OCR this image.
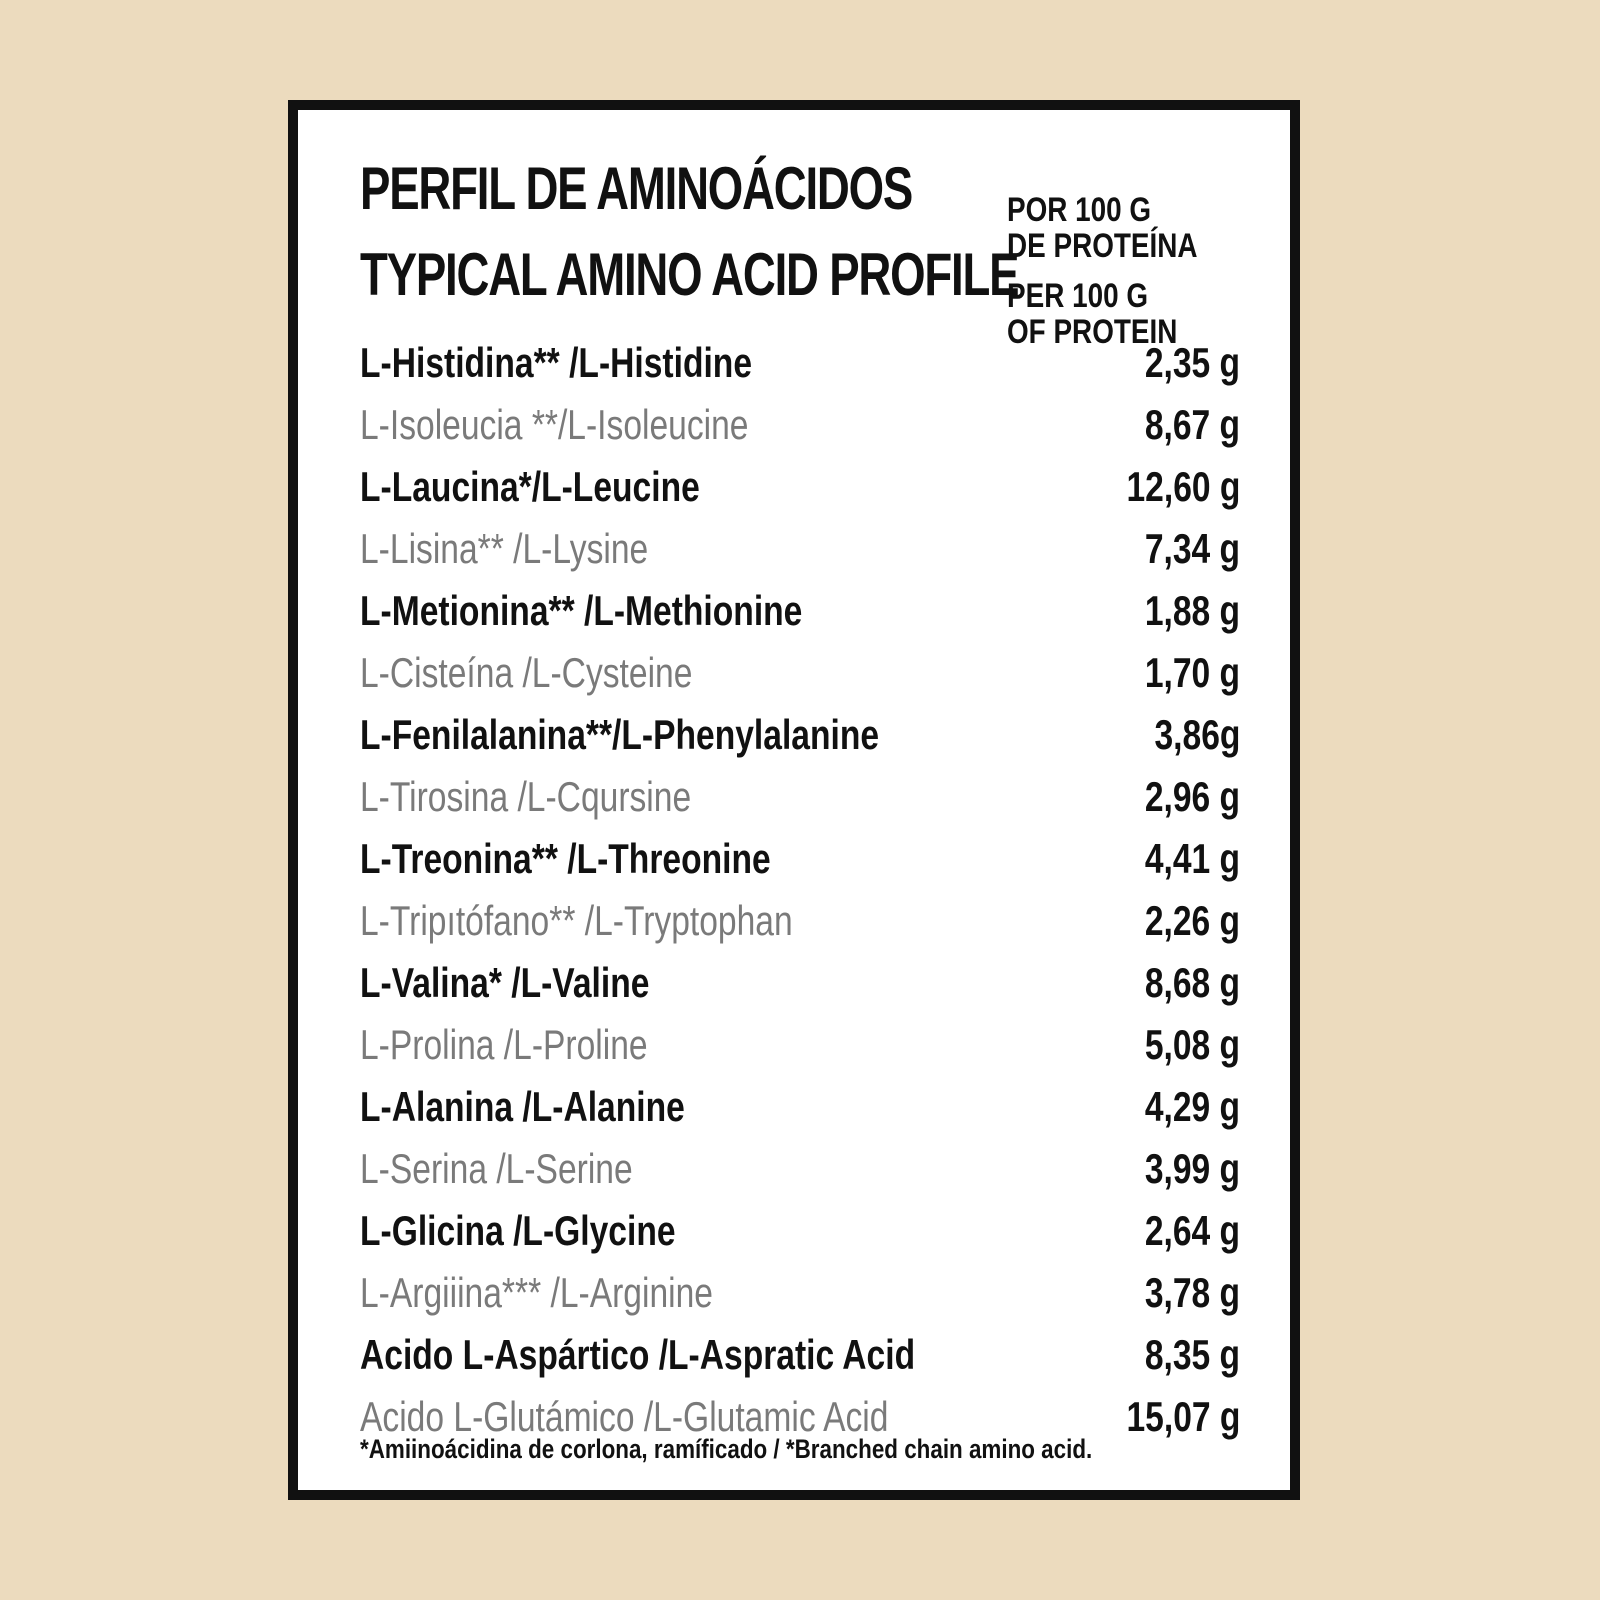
PERFIL DE AMINOÁCIDOS
TYPICAL AMINO ACID PROFILE
POR 100 G
DE PROTEÍNA
PER 100 G
OF PROTEIN
L-Histidina** /L-Histidine	2,35 g
L-Isoleucia **/L-Isoleucine	8,67 g
L-Laucina*/L-Leucine	12,60 g
L-Lisina** /L-Lysine	7,34 g
L-Metionina** /L-Methionine	1,88 g
L-Cisteína /L-Cysteine	1,70 g
L-Fenilalanina**/L-Phenylalanine	3,86g
L-Tirosina /L-Cqursine	2,96 g
L-Treonina** /L-Threonine	4,41 g
L-Tripıtófano** /L-Tryptophan	2,26 g
L-Valina* /L-Valine	8,68 g
L-Prolina /L-Proline	5,08 g
L-Alanina /L-Alanine	4,29 g
L-Serina /L-Serine	3,99 g
L-Glicina /L-Glycine	2,64 g
L-Argiiina*** /L-Arginine	3,78 g
Acido L-Aspártico /L-Aspratic Acid	8,35 g
Acido L-Glutámico /L-Glutamic Acid	15,07 g
*Amiinoácidina de corlona, ramíficado / *Branched chain amino acid.
